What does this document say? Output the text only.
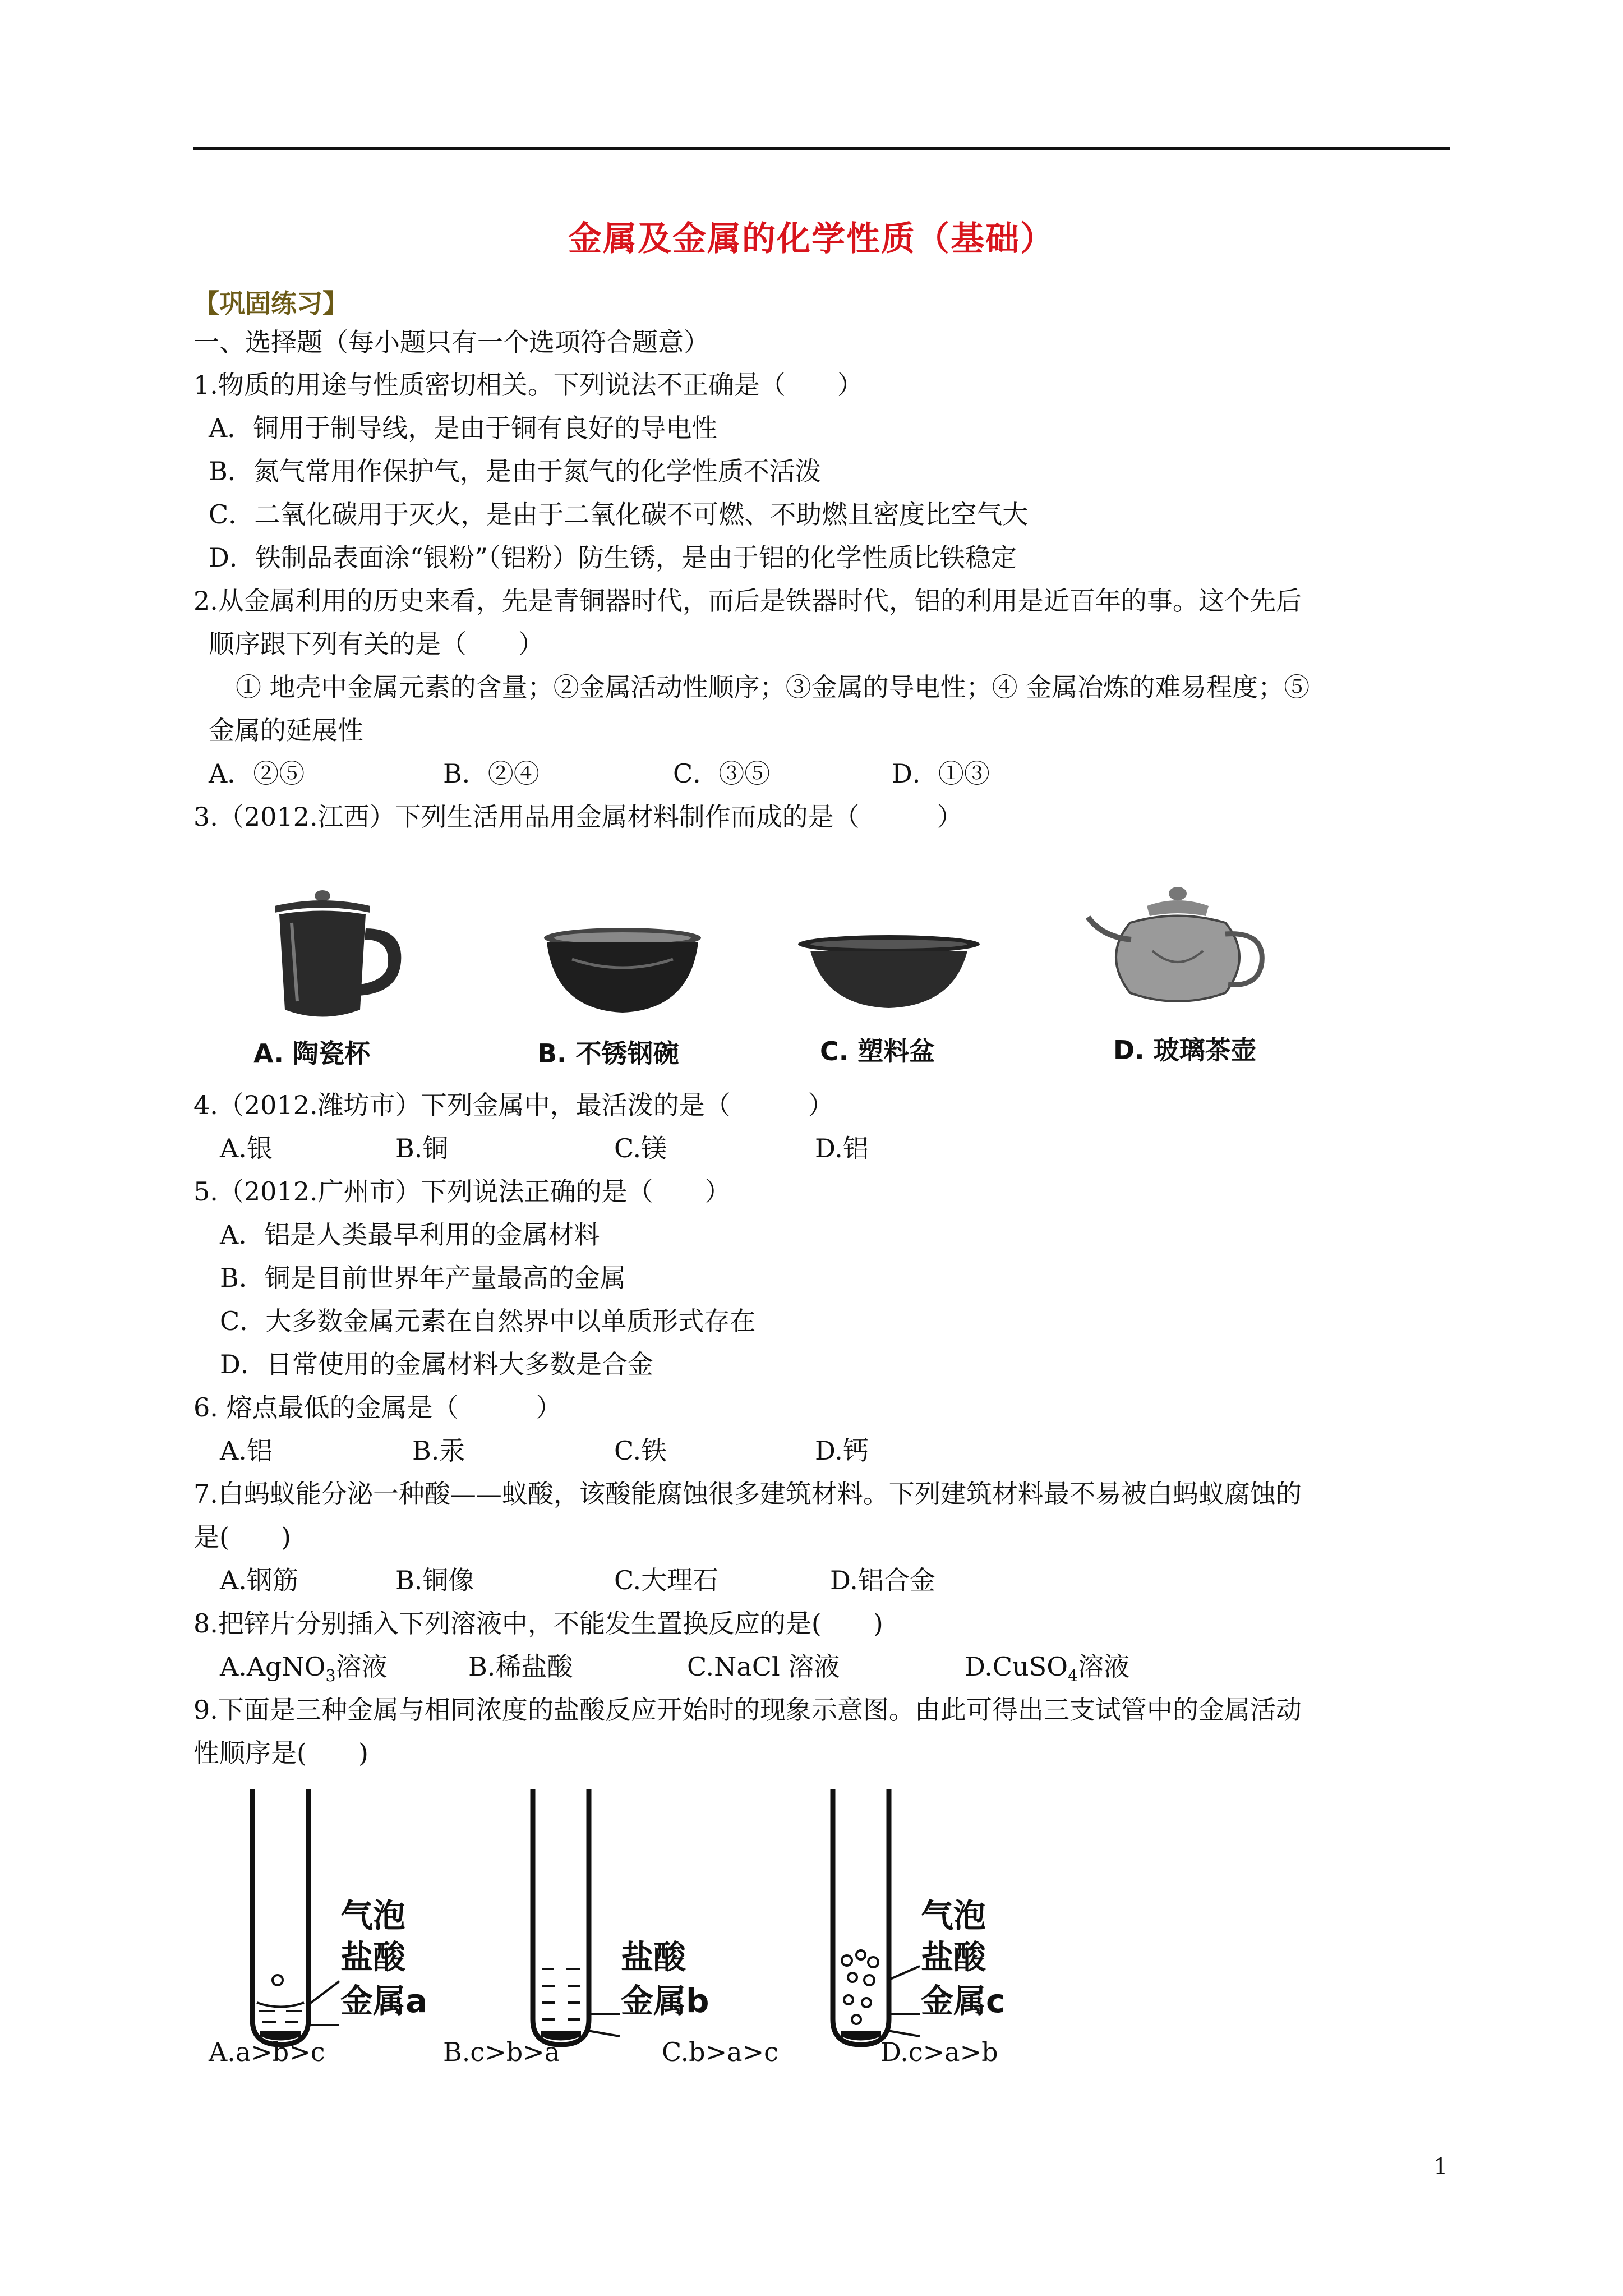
金属及金属的化学性质（基础）
【巩固练习】
一、选择题（每小题只有一个选项符合题意）
1.物质的用途与性质密切相关。下列说法不正确是（　　）
A．铜用于制导线，是由于铜有良好的导电性
B．氮气常用作保护气，是由于氮气的化学性质不活泼
C．二氧化碳用于灭火，是由于二氧化碳不可燃、不助燃且密度比空气大
D．铁制品表面涂“银粉”（铝粉）防生锈，是由于铝的化学性质比铁稳定
2.从金属利用的历史来看，先是青铜器时代，而后是铁器时代，铝的利用是近百年的事。这个先后
顺序跟下列有关的是（　　）
① 地壳中金属元素的含量；②金属活动性顺序；③金属的导电性；④ 金属冶炼的难易程度；⑤
金属的延展性
A．②⑤	B．②④	C．③⑤	D．①③
3.（2012.江西）下列生活用品用金属材料制作而成的是（　　　）
A. 陶瓷杯	B. 不锈钢碗	C. 塑料盆	D. 玻璃茶壶
4.（2012.潍坊市）下列金属中，最活泼的是（　　　）
A.银	B.铜	C.镁	D.铝
5.（2012.广州市）下列说法正确的是（　　）
A．铝是人类最早利用的金属材料
B．铜是目前世界年产量最高的金属
C．大多数金属元素在自然界中以单质形式存在
D．日常使用的金属材料大多数是合金
6. 熔点最低的金属是（　　　）
A.铝	B.汞	C.铁	D.钙
7.白蚂蚁能分泌一种酸——蚁酸，该酸能腐蚀很多建筑材料。下列建筑材料最不易被白蚂蚁腐蚀的
是(　　)
A.钢筋	B.铜像	C.大理石	D.铝合金
8.把锌片分别插入下列溶液中，不能发生置换反应的是(　　)
A.AgNO$_3$溶液	B.稀盐酸	C.NaCl 溶液	D.CuSO$_4$溶液
9.下面是三种金属与相同浓度的盐酸反应开始时的现象示意图。由此可得出三支试管中的金属活动
性顺序是(　　)
气泡
盐酸
金属a
盐酸
金属b
气泡
盐酸
金属c
A.a>b>c	B.c>b>a	C.b>a>c	D.c>a>b
1
